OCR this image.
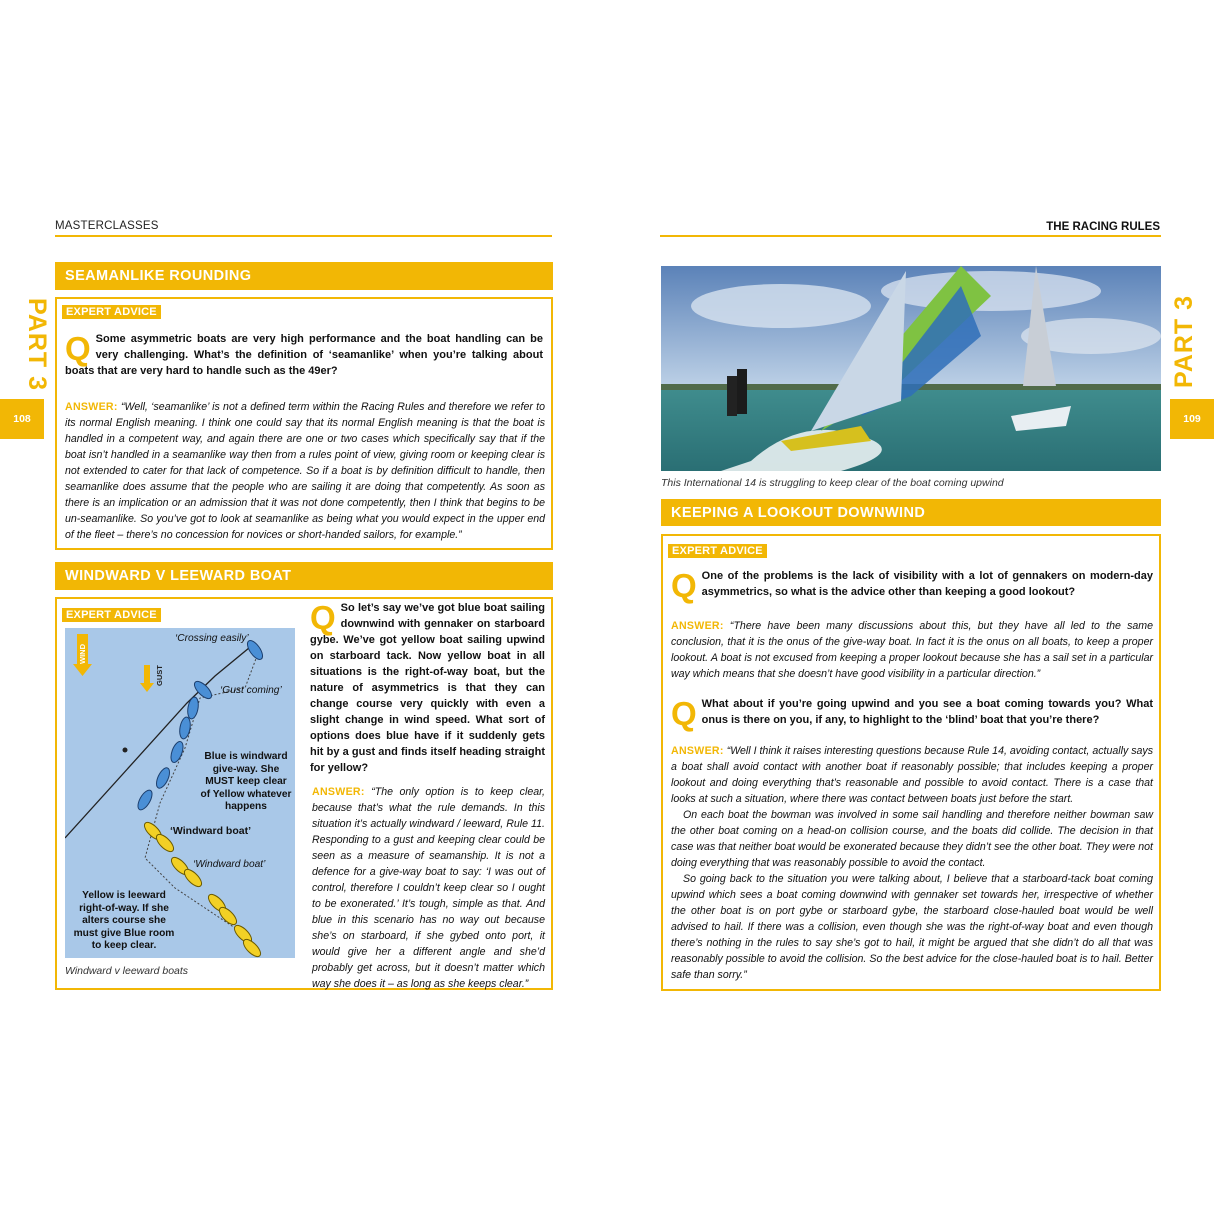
MASTERCLASSES	THE RACING RULES
PART 3
108
PART 3
109
SEAMANLIKE ROUNDING
EXPERT ADVICE
Q Some asymmetric boats are very high performance and the boat handling can be very challenging. What’s the definition of ‘seamanlike’ when you’re talking about boats that are very hard to handle such as the 49er?

ANSWER: “Well, ‘seamanlike’ is not a defined term within the Racing Rules and therefore we refer to its normal English meaning. I think one could say that its normal English meaning is that the boat is handled in a competent way, and again there are one or two cases which specifically say that if the boat isn’t handled in a seamanlike way then from a rules point of view, giving room or keeping clear is not extended to cater for that lack of competence. So if a boat is by definition difficult to handle, then seamanlike does assume that the people who are sailing it are doing that competently. As soon as there is an implication or an admission that it was not done competently, then I think that begins to be un-seamanlike. So you’ve got to look at seamanlike as being what you would expect in the upper end of the fleet – there’s no concession for novices or short-handed sailors, for example.”

WINDWARD V LEEWARD BOAT
EXPERT ADVICE
WIND
GUST
‘Crossing easily’
‘Gust coming’
Blue is windward give-way. She MUST keep clear of Yellow whatever happens
‘Windward boat’
‘Windward boat’
Yellow is leeward right-of-way. If she alters course she must give Blue room to keep clear.
Windward v leeward boats
Q So let’s say we’ve got blue boat sailing downwind with gennaker on starboard gybe. We’ve got yellow boat sailing upwind on starboard tack. Now yellow boat in all situations is the right-of-way boat, but the nature of asymmetrics is that they can change course very quickly with even a slight change in wind speed. What sort of options does blue have if it suddenly gets hit by a gust and finds itself heading straight for yellow?

ANSWER: “The only option is to keep clear, because that’s what the rule demands. In this situation it’s actually windward / leeward, Rule 11. Responding to a gust and keeping clear could be seen as a measure of seamanship. It is not a defence for a give-way boat to say: ‘I was out of control, therefore I couldn’t keep clear so I ought to be exonerated.’ It’s tough, simple as that. And blue in this scenario has no way out because she’s on starboard, if she gybed onto port, it would give her a different angle and she’d probably get across, but it doesn’t matter which way she does it – as long as she keeps clear.”

This International 14 is struggling to keep clear of the boat coming upwind
KEEPING A LOOKOUT DOWNWIND
EXPERT ADVICE
Q One of the problems is the lack of visibility with a lot of gennakers on modern-day asymmetrics, so what is the advice other than keeping a good lookout?

ANSWER: “There have been many discussions about this, but they have all led to the same conclusion, that it is the onus of the give-way boat. In fact it is the onus on all boats, to keep a proper lookout. A boat is not excused from keeping a proper lookout because she has a sail set in a particular way which means that she doesn’t have good visibility in a particular direction.”

Q What about if you’re going upwind and you see a boat coming towards you? What onus is there on you, if any, to highlight to the ‘blind’ boat that you’re there?

ANSWER: “Well I think it raises interesting questions because Rule 14, avoiding contact, actually says a boat shall avoid contact with another boat if reasonably possible; that includes keeping a proper lookout and doing everything that’s reasonable and possible to avoid contact. There is a case that looks at such a situation, where there was contact between boats just before the start.

On each boat the bowman was involved in some sail handling and therefore neither bowman saw the other boat coming on a head-on collision course, and the boats did collide. The decision in that case was that neither boat would be exonerated because they didn’t see the other boat. They were not doing everything that was reasonably possible to avoid the contact.

So going back to the situation you were talking about, I believe that a starboard-tack boat coming upwind which sees a boat coming downwind with gennaker set towards her, irrespective of whether the other boat is on port gybe or starboard gybe, the starboard close-hauled boat would be well advised to hail. If there was a collision, even though she was the right-of-way boat and even though there’s nothing in the rules to say she’s got to hail, it might be argued that she didn’t do all that was reasonably possible to avoid the collision. So the best advice for the close-hauled boat is to hail. Better safe than sorry.”
